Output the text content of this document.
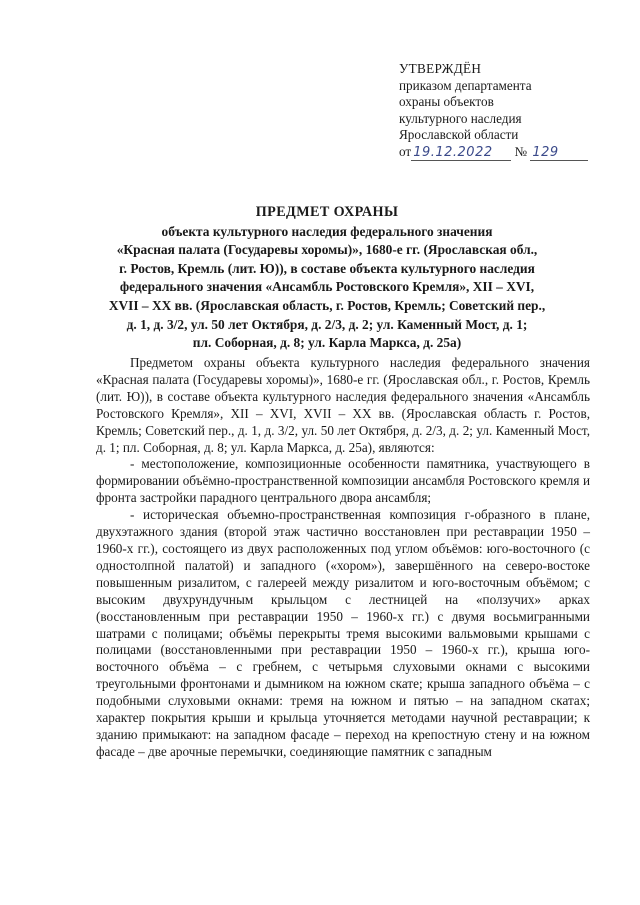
УТВЕРЖДЁН
приказом департамента
охраны объектов
культурного наследия
Ярославской области
от 19.12.2022 № 129
ПРЕДМЕТ ОХРАНЫ
объекта культурного наследия федерального значения
«Красная палата (Государевы хоромы)», 1680-е гг. (Ярославская обл.,
г. Ростов, Кремль (лит. Ю)), в составе объекта культурного наследия
федерального значения «Ансамбль Ростовского Кремля», XII – XVI,
XVII – XX вв. (Ярославская область, г. Ростов, Кремль; Советский пер.,
д. 1, д. 3/2, ул. 50 лет Октября, д. 2/3, д. 2; ул. Каменный Мост, д. 1;
пл. Соборная, д. 8; ул. Карла Маркса, д. 25а)

Предметом охраны объекта культурного наследия федерального значения «Красная палата (Государевы хоромы)», 1680-е гг. (Ярославская обл., г. Ростов, Кремль (лит. Ю)), в составе объекта культурного наследия федерального значения «Ансамбль Ростовского Кремля», XII – XVI, XVII – XX вв. (Ярославская область г. Ростов, Кремль; Советский пер., д. 1, д. 3/2, ул. 50 лет Октября, д. 2/3, д. 2; ул. Каменный Мост, д. 1; пл. Соборная, д. 8; ул. Карла Маркса, д. 25а), являются:

- местоположение, композиционные особенности памятника, участвующего в формировании объёмно-пространственной композиции ансамбля Ростовского кремля и фронта застройки парадного центрального двора ансамбля;

- историческая объемно-пространственная композиция г-образного в плане, двухэтажного здания (второй этаж частично восстановлен при реставрации 1950 – 1960-х гг.), состоящего из двух расположенных под углом объёмов: юго-восточного (с одностолпной палатой) и западного («хором»), завершённого на северо-востоке повышенным ризалитом, с галереей между ризалитом и юго-восточным объёмом; с высоким двухрундучным крыльцом с лестницей на «ползучих» арках (восстановленным при реставрации 1950 – 1960-х гг.) с двумя восьмигранными шатрами с полицами; объёмы перекрыты тремя высокими вальмовыми крышами с полицами (восстановленными при реставрации 1950 – 1960-х гг.), крыша юго-восточного объёма – с гребнем, с четырьмя слуховыми окнами с высокими треугольными фронтонами и дымником на южном скате; крыша западного объёма – с подобными слуховыми окнами: тремя на южном и пятью – на западном скатах; характер покрытия крыши и крыльца уточняется методами научной реставрации; к зданию примыкают: на западном фасаде – переход на крепостную стену и на южном фасаде – две арочные перемычки, соединяющие памятник с западным
